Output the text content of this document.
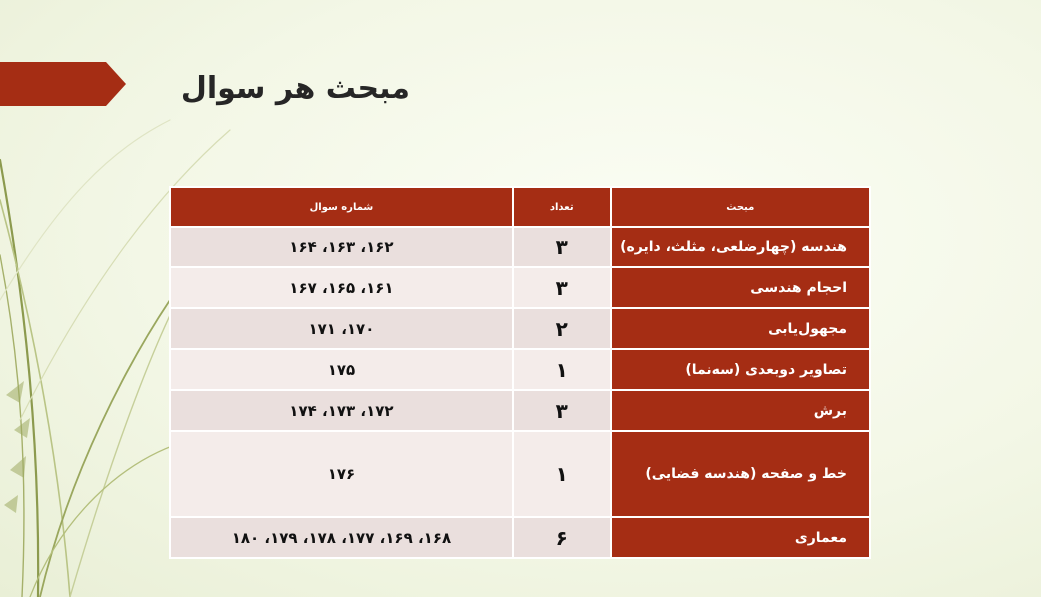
مبحث هر سوال
مبحث	تعداد	شماره سوال
هندسه (چهارضلعی، مثلث، دایره)	۳	۱۶۲، ۱۶۳، ۱۶۴
احجام هندسی	۳	۱۶۱، ۱۶۵، ۱۶۷
مجهول‌یابی	۲	۱۷۰، ۱۷۱
تصاویر دوبعدی (سه‌نما)	۱	۱۷۵
برش	۳	۱۷۲، ۱۷۳، ۱۷۴
خط و صفحه (هندسه فضایی)	۱	۱۷۶
معماری	۶	۱۶۸، ۱۶۹، ۱۷۷، ۱۷۸، ۱۷۹، ۱۸۰
